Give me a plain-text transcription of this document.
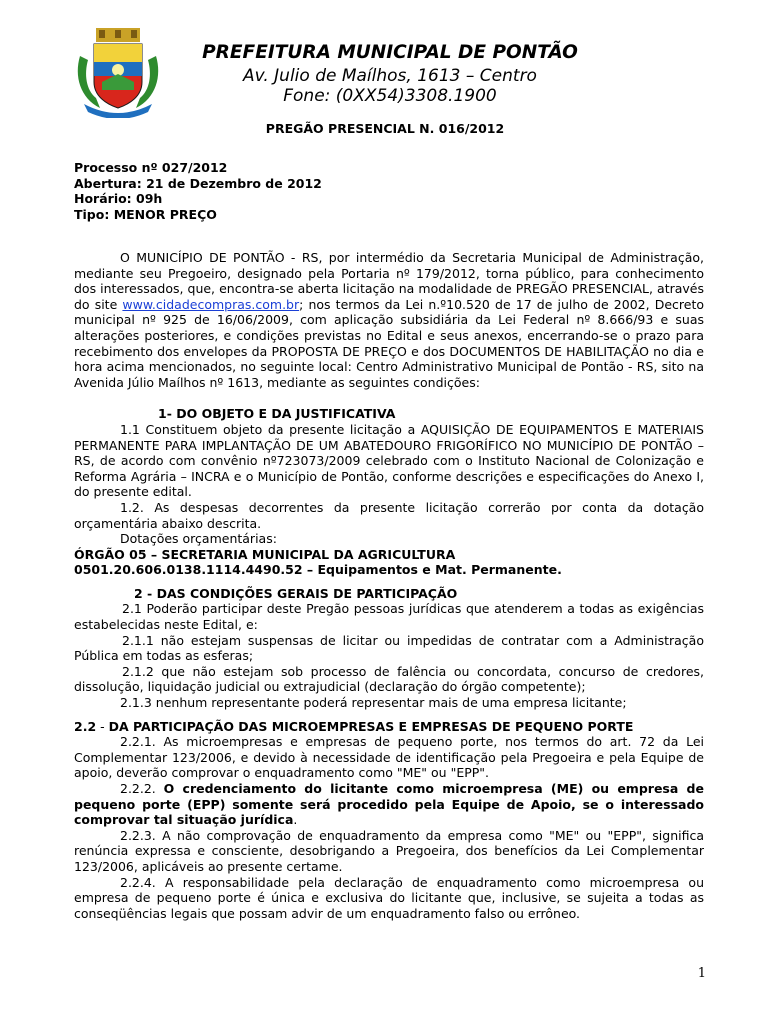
PREFEITURA MUNICIPAL DE PONTÃO
Av. Julio de Maílhos, 1613 – Centro
Fone: (0XX54)3308.1900
PREGÃO PRESENCIAL N. 016/2012
Processo nº 027/2012
Abertura: 21 de Dezembro de 2012
Horário: 09h
Tipo: MENOR PREÇO

O MUNICÍPIO DE PONTÃO - RS, por intermédio da Secretaria Municipal de Administração, mediante seu Pregoeiro, designado pela Portaria nº 179/2012, torna público, para conhecimento dos interessados, que, encontra-se aberta licitação na modalidade de PREGÃO PRESENCIAL, através do site www.cidadecompras.com.br; nos termos da Lei n.º10.520 de 17 de julho de 2002, Decreto municipal nº 925 de 16/06/2009, com aplicação subsidiária da Lei Federal nº 8.666/93 e suas alterações posteriores, e condições previstas no Edital e seus anexos, encerrando-se o prazo para recebimento dos envelopes da PROPOSTA DE PREÇO e dos DOCUMENTOS DE HABILITAÇÃO no dia e hora acima mencionados, no seguinte local: Centro Administrativo Municipal de Pontão - RS, sito na Avenida Júlio Maílhos nº 1613, mediante as seguintes condições:

1- DO OBJETO E DA JUSTIFICATIVA

1.1 Constituem objeto da presente licitação a AQUISIÇÃO DE EQUIPAMENTOS E MATERIAIS PERMANENTE PARA IMPLANTAÇÃO DE UM ABATEDOURO FRIGORÍFICO NO MUNICÍPIO DE PONTÃO – RS, de acordo com convênio nº723073/2009 celebrado com o Instituto Nacional de Colonização e Reforma Agrária – INCRA e o Município de Pontão, conforme descrições e especificações do Anexo I, do presente edital.

1.2. As despesas decorrentes da presente licitação correrão por conta da dotação orçamentária abaixo descrita.

Dotações orçamentárias:

ÓRGÃO 05 – SECRETARIA MUNICIPAL DA AGRICULTURA

0501.20.606.0138.1114.4490.52 – Equipamentos e Mat. Permanente.

2 - DAS CONDIÇÕES GERAIS DE PARTICIPAÇÃO

2.1 Poderão participar deste Pregão pessoas jurídicas que atenderem a todas as exigências estabelecidas neste Edital, e:

2.1.1 não estejam suspensas de licitar ou impedidas de contratar com a Administração Pública em todas as esferas;

2.1.2 que não estejam sob processo de falência ou concordata, concurso de credores, dissolução, liquidação judicial ou extrajudicial (declaração do órgão competente);

2.1.3 nenhum representante poderá representar mais de uma empresa licitante;

2.2 - DA PARTICIPAÇÃO DAS MICROEMPRESAS E EMPRESAS DE PEQUENO PORTE

2.2.1. As microempresas e empresas de pequeno porte, nos termos do art. 72 da Lei Complementar 123/2006, e devido à necessidade de identificação pela Pregoeira e pela Equipe de apoio, deverão comprovar o enquadramento como "ME" ou "EPP".

2.2.2. O credenciamento do licitante como microempresa (ME) ou empresa de pequeno porte (EPP) somente será procedido pela Equipe de Apoio, se o interessado comprovar tal situação jurídica.

2.2.3. A não comprovação de enquadramento da empresa como "ME" ou "EPP", significa renúncia expressa e consciente, desobrigando a Pregoeira, dos benefícios da Lei Complementar 123/2006, aplicáveis ao presente certame.

2.2.4. A responsabilidade pela declaração de enquadramento como microempresa ou empresa de pequeno porte é única e exclusiva do licitante que, inclusive, se sujeita a todas as conseqüências legais que possam advir de um enquadramento falso ou errôneo.

1
